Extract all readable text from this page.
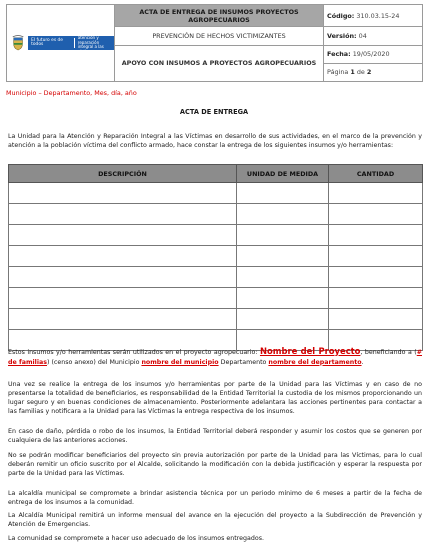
El futuro es de todos
Unidad para la atención y reparación integral a las víctimas	ACTA DE ENTREGA DE INSUMOS PROYECTOS AGROPECUARIOS	Código: 310.03.15-24
	PREVENCIÓN DE HECHOS VICTIMIZANTES	Versión: 04
	APOYO CON INSUMOS A PROYECTOS AGROPECUARIOS	Fecha: 19/05/2020
Página 1 de 2
Municipio – Departamento, Mes, día, año
ACTA DE ENTREGA

La Unidad para la Atención y Reparación Integral a las Víctimas en desarrollo de sus actividades, en el marco de la prevención y atención a la población víctima del conflicto armado, hace constar la entrega de los siguientes insumos y/o herramientas:

DESCRIPCIÓN	UNIDAD DE MEDIDA	CANTIDAD

Estos insumos y/o herramientas serán utilizados en el proyecto agropecuario: Nombre del Proyecto, beneficiando a (# de familias) (censo anexo) del Municipio nombre del municipio Departamento nombre del departamento.

Una vez se realice la entrega de los insumos y/o herramientas por parte de la Unidad para las Víctimas y en caso de no presentarse la totalidad de beneficiarios, es responsabilidad de la Entidad Territorial la custodia de los mismos proporcionando un lugar seguro y en buenas condiciones de almacenamiento. Posteriormente adelantara las acciones pertinentes para contactar a las familias y notificara a la Unidad para las Víctimas la entrega respectiva de los insumos.

En caso de daño, pérdida o robo de los insumos, la Entidad Territorial deberá responder y asumir los costos que se generen por cualquiera de las anteriores acciones.

No se podrán modificar beneficiarios del proyecto sin previa autorización por parte de la Unidad para las Víctimas, para lo cual deberán remitir un oficio suscrito por el Alcalde, solicitando la modificación con la debida justificación y esperar la respuesta por parte de la Unidad para las Víctimas.

La alcaldía municipal se compromete a brindar asistencia técnica por un periodo mínimo de 6 meses a partir de la fecha de entrega de los insumos a la comunidad.

La Alcaldía Municipal remitirá un informe mensual del avance en la ejecución del proyecto a la Subdirección de Prevención y Atención de Emergencias.

La comunidad se compromete a hacer uso adecuado de los insumos entregados.
